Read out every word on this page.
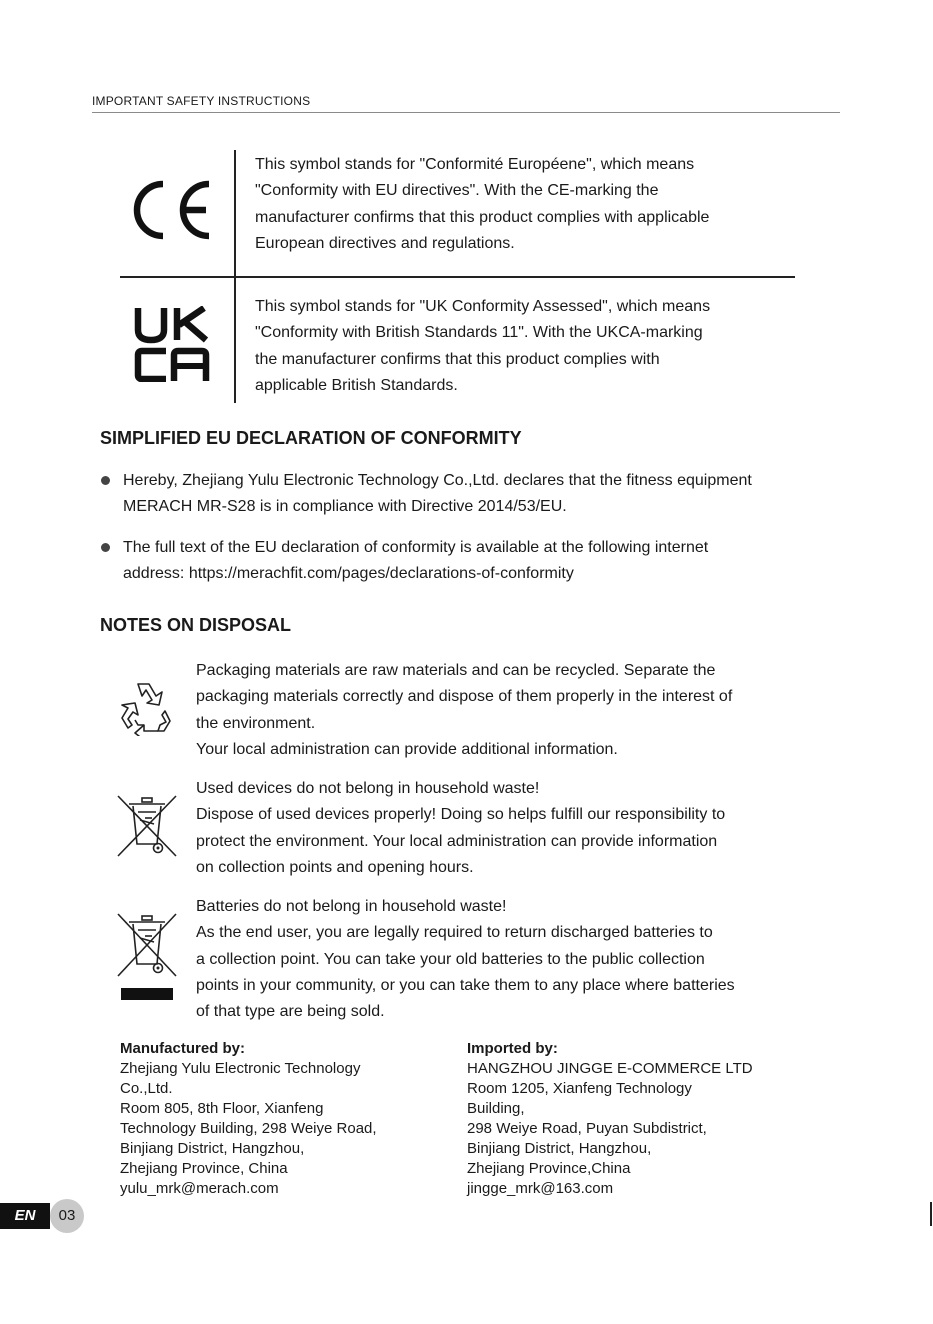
IMPORTANT SAFETY INSTRUCTIONS

This symbol stands for "Conformité Européene", which means

"Conformity with EU directives". With the CE-marking the

manufacturer confirms that this product complies with applicable

European directives and regulations.

This symbol stands for "UK Conformity Assessed", which means

"Conformity with British Standards 11". With the UKCA-marking

the manufacturer confirms that this product complies with

applicable British Standards.

SIMPLIFIED EU DECLARATION OF CONFORMITY

Hereby, Zhejiang Yulu Electronic Technology Co.,Ltd. declares that the fitness equipment

MERACH MR-S28 is in compliance with Directive 2014/53/EU.

The full text of the EU declaration of conformity is available at the following internet

address: https://merachfit.com/pages/declarations-of-conformity

NOTES ON DISPOSAL

Packaging materials are raw materials and can be recycled. Separate the

packaging materials correctly and dispose of them properly in the interest of

the environment.

Your local administration can provide additional information.

Used devices do not belong in household waste!

Dispose of used devices properly! Doing so helps fulfill our responsibility to

protect the environment. Your local administration can provide information

on collection points and opening hours.

Batteries do not belong in household waste!

As the end user, you are legally required to return discharged batteries to

a collection point. You can take your old batteries to the public collection

points in your community, or you can take them to any place where batteries

of that type are being sold.

Manufactured by:

Zhejiang Yulu Electronic Technology

Co.,Ltd.

Room 805, 8th Floor, Xianfeng

Technology Building, 298 Weiye Road,

Binjiang District, Hangzhou,

Zhejiang Province, China

yulu_mrk@merach.com

Imported by:

HANGZHOU JINGGE E-COMMERCE LTD

Room 1205, Xianfeng Technology

Building,

298 Weiye Road, Puyan Subdistrict,

Binjiang District, Hangzhou,

Zhejiang Province,China

jingge_mrk@163.com

EN	03
